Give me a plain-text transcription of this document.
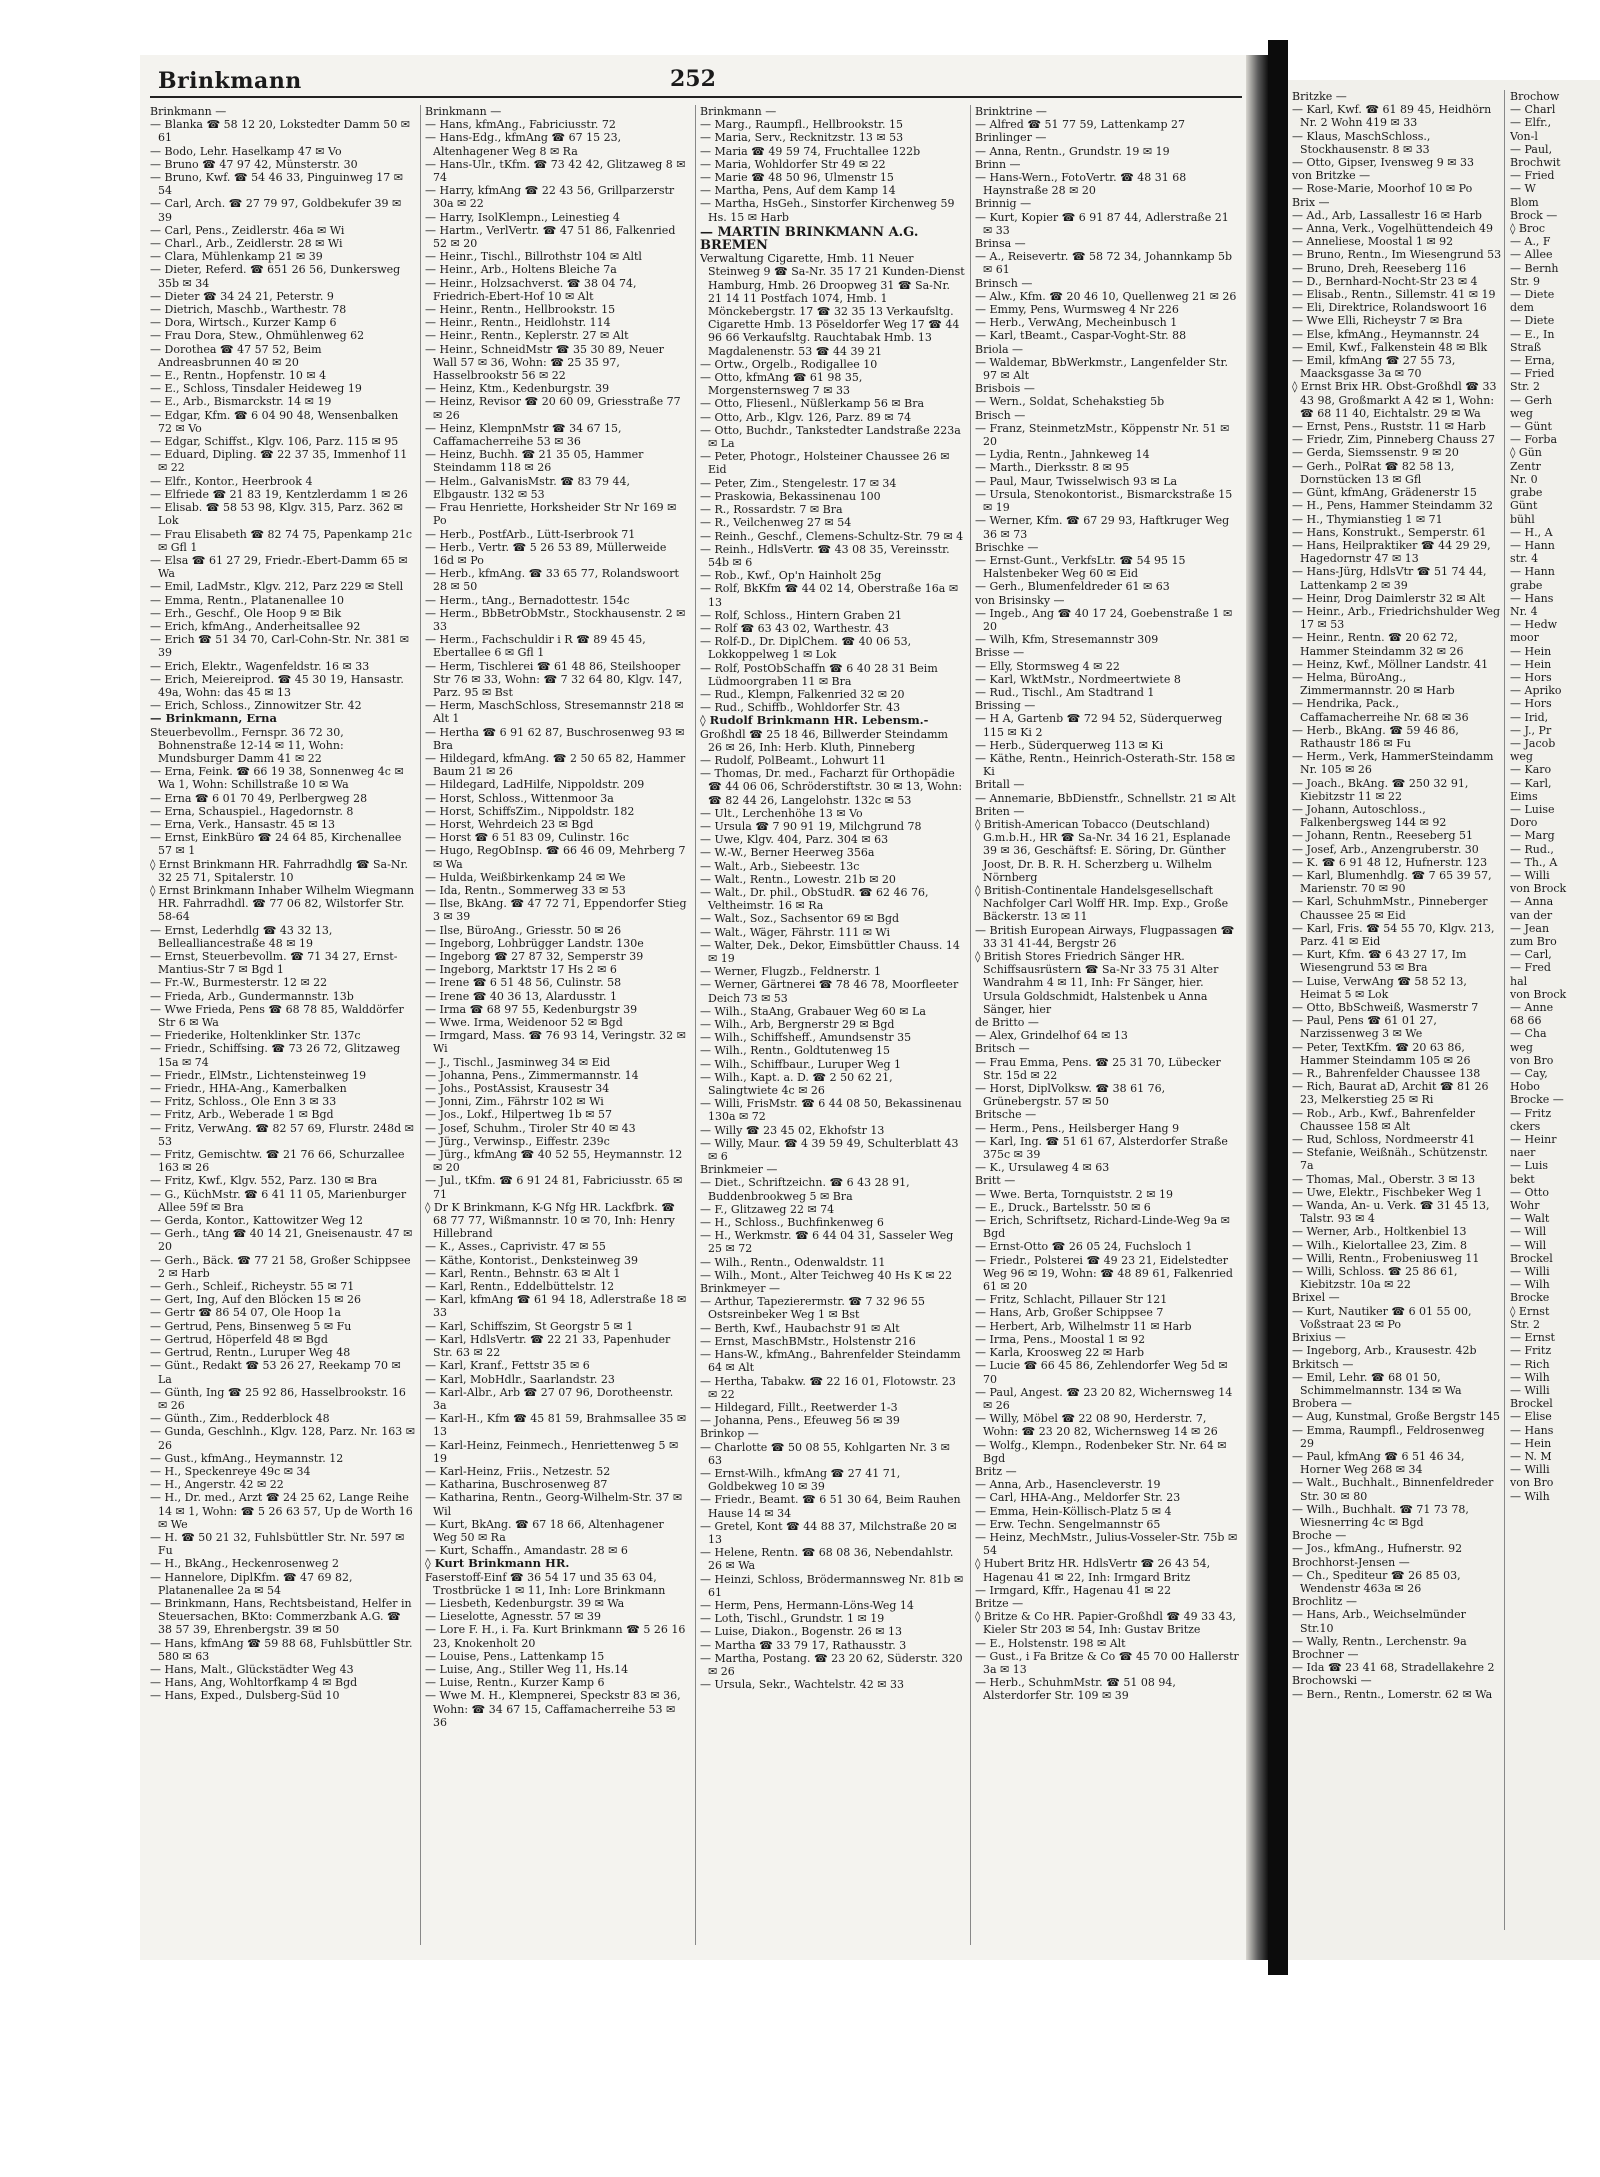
Brinkmann	252

Brinkmann —

— Blanka ☎ 58 12 20, Lokstedter Damm 50 ✉ 61

— Bodo, Lehr. Haselkamp 47 ✉ Vo

— Bruno ☎ 47 97 42, Münsterstr. 30

— Bruno, Kwf. ☎ 54 46 33, Pinguinweg 17 ✉ 54

— Carl, Arch. ☎ 27 79 97, Goldbekufer 39 ✉ 39

— Carl, Pens., Zeidlerstr. 46a ✉ Wi

— Charl., Arb., Zeidlerstr. 28 ✉ Wi

— Clara, Mühlenkamp 21 ✉ 39

— Dieter, Referd. ☎ 651 26 56, Dunkersweg 35b ✉ 34

— Dieter ☎ 34 24 21, Peterstr. 9

— Dietrich, Maschb., Warthestr. 78

— Dora, Wirtsch., Kurzer Kamp 6

— Frau Dora, Stew., Ohmühlenweg 62

— Dorothea ☎ 47 57 52, Beim Andreasbrunnen 40 ✉ 20

— E., Rentn., Hopfenstr. 10 ✉ 4

— E., Schloss, Tinsdaler Heideweg 19

— E., Arb., Bismarckstr. 14 ✉ 19

— Edgar, Kfm. ☎ 6 04 90 48, Wensenbalken 72 ✉ Vo

— Edgar, Schiffst., Klgv. 106, Parz. 115 ✉ 95

— Eduard, Dipling. ☎ 22 37 35, Immenhof 11 ✉ 22

— Elfr., Kontor., Heerbrook 4

— Elfriede ☎ 21 83 19, Kentzlerdamm 1 ✉ 26

— Elisab. ☎ 58 53 98, Klgv. 315, Parz. 362 ✉ Lok

— Frau Elisabeth ☎ 82 74 75, Papenkamp 21c ✉ Gfl 1

— Elsa ☎ 61 27 29, Friedr.-Ebert-Damm 65 ✉ Wa

— Emil, LadMstr., Klgv. 212, Parz 229 ✉ Stell

— Emma, Rentn., Platanenallee 10

— Erh., Geschf., Ole Hoop 9 ✉ Bik

— Erich, kfmAng., Anderheitsallee 92

— Erich ☎ 51 34 70, Carl-Cohn-Str. Nr. 381 ✉ 39

— Erich, Elektr., Wagenfeldstr. 16 ✉ 33

— Erich, Meiereiprod. ☎ 45 30 19, Hansastr. 49a, Wohn: das 45 ✉ 13

— Erich, Schloss., Zinnowitzer Str. 42

— Brinkmann, Erna

Steuerbevollm., Fernspr. 36 72 30, Bohnenstraße 12-14 ✉ 11, Wohn: Mundsburger Damm 41 ✉ 22

— Erna, Feink. ☎ 66 19 38, Sonnenweg 4c ✉ Wa 1, Wohn: Schillstraße 10 ✉ Wa

— Erna ☎ 6 01 70 49, Perlbergweg 28

— Erna, Schauspiel., Hagedornstr. 8

— Erna, Verk., Hansastr. 45 ✉ 13

— Ernst, EinkBüro ☎ 24 64 85, Kirchenallee 57 ✉ 1

◊ Ernst Brinkmann HR. Fahrradhdlg ☎ Sa-Nr. 32 25 71, Spitalerstr. 10

◊ Ernst Brinkmann Inhaber Wilhelm Wiegmann HR. Fahrradhdl. ☎ 77 06 82, Wilstorfer Str. 58-64

— Ernst, Lederhdlg ☎ 43 32 13, Bellealliancestraße 48 ✉ 19

— Ernst, Steuerbevollm. ☎ 71 34 27, Ernst-Mantius-Str 7 ✉ Bgd 1

— Fr.-W., Burmesterstr. 12 ✉ 22

— Frieda, Arb., Gundermannstr. 13b

— Wwe Frieda, Pens ☎ 68 78 85, Walddörfer Str 6 ✉ Wa

— Friederike, Holtenklinker Str. 137c

— Friedr., Schiffsing. ☎ 73 26 72, Glitzaweg 15a ✉ 74

— Friedr., ElMstr., Lichtensteinweg 19

— Friedr., HHA-Ang., Kamerbalken

— Fritz, Schloss., Ole Enn 3 ✉ 33

— Fritz, Arb., Weberade 1 ✉ Bgd

— Fritz, VerwAng. ☎ 82 57 69, Flurstr. 248d ✉ 53

— Fritz, Gemischtw. ☎ 21 76 66, Schurzallee 163 ✉ 26

— Fritz, Kwf., Klgv. 552, Parz. 130 ✉ Bra

— G., KüchMstr. ☎ 6 41 11 05, Marienburger Allee 59f ✉ Bra

— Gerda, Kontor., Kattowitzer Weg 12

— Gerh., tAng ☎ 40 14 21, Gneisenaustr. 47 ✉ 20

— Gerh., Bäck. ☎ 77 21 58, Großer Schippsee 2 ✉ Harb

— Gerh., Schleif., Richeystr. 55 ✉ 71

— Gert, Ing, Auf den Blöcken 15 ✉ 26

— Gertr ☎ 86 54 07, Ole Hoop 1a

— Gertrud, Pens, Binsenweg 5 ✉ Fu

— Gertrud, Höperfeld 48 ✉ Bgd

— Gertrud, Rentn., Luruper Weg 48

— Günt., Redakt ☎ 53 26 27, Reekamp 70 ✉ La

— Günth, Ing ☎ 25 92 86, Hasselbrookstr. 16 ✉ 26

— Günth., Zim., Redderblock 48

— Gunda, Geschlnh., Klgv. 128, Parz. Nr. 163 ✉ 26

— Gust., kfmAng., Heymannstr. 12

— H., Speckenreye 49c ✉ 34

— H., Angerstr. 42 ✉ 22

— H., Dr. med., Arzt ☎ 24 25 62, Lange Reihe 14 ✉ 1, Wohn: ☎ 5 26 63 57, Up de Worth 16 ✉ We

— H. ☎ 50 21 32, Fuhlsbüttler Str. Nr. 597 ✉ Fu

— H., BkAng., Heckenrosenweg 2

— Hannelore, DiplKfm. ☎ 47 69 82, Platanenallee 2a ✉ 54

— Brinkmann, Hans, Rechtsbeistand, Helfer in Steuersachen, BKto: Commerzbank A.G. ☎ 38 57 39, Ehrenbergstr. 39 ✉ 50

— Hans, kfmAng ☎ 59 88 68, Fuhlsbüttler Str. 580 ✉ 63

— Hans, Malt., Glückstädter Weg 43

— Hans, Ang, Wohltorfkamp 4 ✉ Bgd

— Hans, Exped., Dulsberg-Süd 10

Brinkmann —

— Hans, kfmAng., Fabriciusstr. 72

— Hans-Edg., kfmAng ☎ 67 15 23, Altenhagener Weg 8 ✉ Ra

— Hans-Ulr., tKfm. ☎ 73 42 42, Glitzaweg 8 ✉ 74

— Harry, kfmAng ☎ 22 43 56, Grillparzerstr 30a ✉ 22

— Harry, IsolKlempn., Leinestieg 4

— Hartm., VerlVertr. ☎ 47 51 86, Falkenried 52 ✉ 20

— Heinr., Tischl., Billrothstr 104 ✉ Altl

— Heinr., Arb., Holtens Bleiche 7a

— Heinr., Holzsachverst. ☎ 38 04 74, Friedrich-Ebert-Hof 10 ✉ Alt

— Heinr., Rentn., Hellbrookstr. 15

— Heinr., Rentn., Heidlohstr. 114

— Heinr., Rentn., Keplerstr. 27 ✉ Alt

— Heinr., SchneidMstr ☎ 35 30 89, Neuer Wall 57 ✉ 36, Wohn: ☎ 25 35 97, Hasselbrookstr 56 ✉ 22

— Heinz, Ktm., Kedenburgstr. 39

— Heinz, Revisor ☎ 20 60 09, Griesstraße 77 ✉ 26

— Heinz, KlempnMstr ☎ 34 67 15, Caffamacherreihe 53 ✉ 36

— Heinz, Buchh. ☎ 21 35 05, Hammer Steindamm 118 ✉ 26

— Helm., GalvanisMstr. ☎ 83 79 44, Elbgaustr. 132 ✉ 53

— Frau Henriette, Horksheider Str Nr 169 ✉ Po

— Herb., PostfArb., Lütt-Iserbrook 71

— Herb., Vertr. ☎ 5 26 53 89, Müllerweide 16d ✉ Po

— Herb., kfmAng. ☎ 33 65 77, Rolandswoort 28 ✉ 50

— Herm., tAng., Bernadottestr. 154c

— Herm., BbBetrObMstr., Stockhausenstr. 2 ✉ 33

— Herm., Fachschuldir i R ☎ 89 45 45, Ebertallee 6 ✉ Gfl 1

— Herm, Tischlerei ☎ 61 48 86, Steilshooper Str 76 ✉ 33, Wohn: ☎ 7 32 64 80, Klgv. 147, Parz. 95 ✉ Bst

— Herm, MaschSchloss, Stresemannstr 218 ✉ Alt 1

— Hertha ☎ 6 91 62 87, Buschrosenweg 93 ✉ Bra

— Hildegard, kfmAng. ☎ 2 50 65 82, Hammer Baum 21 ✉ 26

— Hildegard, LadHilfe, Nippoldstr. 209

— Horst, Schloss., Wittenmoor 3a

— Horst, SchiffsZim., Nippoldstr. 182

— Horst, Wehrdeich 23 ✉ Bgd

— Horst ☎ 6 51 83 09, Culinstr. 16c

— Hugo, RegObInsp. ☎ 66 46 09, Mehrberg 7 ✉ Wa

— Hulda, Weißbirkenkamp 24 ✉ We

— Ida, Rentn., Sommerweg 33 ✉ 53

— Ilse, BkAng. ☎ 47 72 71, Eppendorfer Stieg 3 ✉ 39

— Ilse, BüroAng., Griesstr. 50 ✉ 26

— Ingeborg, Lohbrügger Landstr. 130e

— Ingeborg ☎ 27 87 32, Semperstr 39

— Ingeborg, Marktstr 17 Hs 2 ✉ 6

— Irene ☎ 6 51 48 56, Culinstr. 58

— Irene ☎ 40 36 13, Alardusstr. 1

— Irma ☎ 68 97 55, Kedenburgstr 39

— Wwe. Irma, Weidenoor 52 ✉ Bgd

— Irmgard, Mass. ☎ 76 93 14, Veringstr. 32 ✉ Wi

— J., Tischl., Jasminweg 34 ✉ Eid

— Johanna, Pens., Zimmermannstr. 14

— Johs., PostAssist, Krausestr 34

— Jonni, Zim., Fährstr 102 ✉ Wi

— Jos., Lokf., Hilpertweg 1b ✉ 57

— Josef, Schuhm., Tiroler Str 40 ✉ 43

— Jürg., Verwinsp., Eiffestr. 239c

— Jürg., kfmAng ☎ 40 52 55, Heymannstr. 12 ✉ 20

— Jul., tKfm. ☎ 6 91 24 81, Fabriciusstr. 65 ✉ 71

◊ Dr K Brinkmann, K-G Nfg HR. Lackfbrk. ☎ 68 77 77, Wißmannstr. 10 ✉ 70, Inh: Henry Hillebrand

— K., Asses., Caprivistr. 47 ✉ 55

— Käthe, Kontorist., Denksteinweg 39

— Karl, Rentn., Behnstr. 63 ✉ Alt 1

— Karl, Rentn., Eddelbüttelstr. 12

— Karl, kfmAng ☎ 61 94 18, Adlerstraße 18 ✉ 33

— Karl, Schiffszim, St Georgstr 5 ✉ 1

— Karl, HdlsVertr. ☎ 22 21 33, Papenhuder Str. 63 ✉ 22

— Karl, Kranf., Fettstr 35 ✉ 6

— Karl, MobHdlr., Saarlandstr. 23

— Karl-Albr., Arb ☎ 27 07 96, Dorotheenstr. 3a

— Karl-H., Kfm ☎ 45 81 59, Brahmsallee 35 ✉ 13

— Karl-Heinz, Feinmech., Henriettenweg 5 ✉ 19

— Karl-Heinz, Friis., Netzestr. 52

— Katharina, Buschrosenweg 87

— Katharina, Rentn., Georg-Wilhelm-Str. 37 ✉ Wil

— Kurt, BkAng. ☎ 67 18 66, Altenhagener Weg 50 ✉ Ra

— Kurt, Schaffn., Amandastr. 28 ✉ 6

◊ Kurt Brinkmann HR.

Faserstoff-Einf ☎ 36 54 17 und 35 63 04, Trostbrücke 1 ✉ 11, Inh: Lore Brinkmann

— Liesbeth, Kedenburgstr. 39 ✉ Wa

— Lieselotte, Agnesstr. 57 ✉ 39

— Lore F. H., i. Fa. Kurt Brinkmann ☎ 5 26 16 23, Knokenholt 20

— Louise, Pens., Lattenkamp 15

— Luise, Ang., Stiller Weg 11, Hs.14

— Luise, Rentn., Kurzer Kamp 6

— Wwe M. H., Klempnerei, Speckstr 83 ✉ 36, Wohn: ☎ 34 67 15, Caffamacherreihe 53 ✉ 36

Brinkmann —

— Marg., Raumpfl., Hellbrookstr. 15

— Maria, Serv., Recknitzstr. 13 ✉ 53

— Maria ☎ 49 59 74, Fruchtallee 122b

— Maria, Wohldorfer Str 49 ✉ 22

— Marie ☎ 48 50 96, Ulmenstr 15

— Martha, Pens, Auf dem Kamp 14

— Martha, HsGeh., Sinstorfer Kirchenweg 59 Hs. 15 ✉ Harb

— MARTIN BRINKMANN A.G. BREMEN

Verwaltung Cigarette, Hmb. 11 Neuer Steinweg 9 ☎ Sa-Nr. 35 17 21 Kunden-Dienst Hamburg, Hmb. 26 Droopweg 31 ☎ Sa-Nr. 21 14 11 Postfach 1074, Hmb. 1 Mönckebergstr. 17 ☎ 32 35 13 Verkaufsltg. Cigarette Hmb. 13 Pöseldorfer Weg 17 ☎ 44 96 66 Verkaufsltg. Rauchtabak Hmb. 13 Magdalenenstr. 53 ☎ 44 39 21

— Ortw., Orgelb., Rodigallee 10

— Otto, kfmAng ☎ 61 98 35, Morgensternsweg 7 ✉ 33

— Otto, Fliesenl., Nüßlerkamp 56 ✉ Bra

— Otto, Arb., Klgv. 126, Parz. 89 ✉ 74

— Otto, Buchdr., Tankstedter Landstraße 223a ✉ La

— Peter, Photogr., Holsteiner Chaussee 26 ✉ Eid

— Peter, Zim., Stengelestr. 17 ✉ 34

— Praskowia, Bekassinenau 100

— R., Rossardstr. 7 ✉ Bra

— R., Veilchenweg 27 ✉ 54

— Reinh., Geschf., Clemens-Schultz-Str. 79 ✉ 4

— Reinh., HdlsVertr. ☎ 43 08 35, Vereinsstr. 54b ✉ 6

— Rob., Kwf., Op'n Hainholt 25g

— Rolf, BkKfm ☎ 44 02 14, Oberstraße 16a ✉ 13

— Rolf, Schloss., Hintern Graben 21

— Rolf ☎ 63 43 02, Warthestr. 43

— Rolf-D., Dr. DiplChem. ☎ 40 06 53, Lokkoppelweg 1 ✉ Lok

— Rolf, PostObSchaffn ☎ 6 40 28 31 Beim Lüdmoorgraben 11 ✉ Bra

— Rud., Klempn, Falkenried 32 ✉ 20

— Rud., Schiffb., Wohldorfer Str. 43

◊ Rudolf Brinkmann HR. Lebensm.-

Großhdl ☎ 25 18 46, Billwerder Steindamm 26 ✉ 26, Inh: Herb. Kluth, Pinneberg

— Rudolf, PolBeamt., Lohwurt 11

— Thomas, Dr. med., Facharzt für Orthopädie ☎ 44 06 06, Schröderstiftstr. 30 ✉ 13, Wohn: ☎ 82 44 26, Langelohstr. 132c ✉ 53

— Ult., Lerchenhöhe 13 ✉ Vo

— Ursula ☎ 7 90 91 19, Milchgrund 78

— Uwe, Klgv. 404, Parz. 304 ✉ 63

— W.-W., Berner Heerweg 356a

— Walt., Arb., Siebeestr. 13c

— Walt., Rentn., Lowestr. 21b ✉ 20

— Walt., Dr. phil., ObStudR. ☎ 62 46 76, Veltheimstr. 16 ✉ Ra

— Walt., Soz., Sachsentor 69 ✉ Bgd

— Walt., Wäger, Fährstr. 111 ✉ Wi

— Walter, Dek., Dekor, Eimsbüttler Chauss. 14 ✉ 19

— Werner, Flugzb., Feldnerstr. 1

— Werner, Gärtnerei ☎ 78 46 78, Moorfleeter Deich 73 ✉ 53

— Wilh., StaAng, Grabauer Weg 60 ✉ La

— Wilh., Arb, Bergnerstr 29 ✉ Bgd

— Wilh., Schiffsheff., Amundsenstr 35

— Wilh., Rentn., Goldtutenweg 15

— Wilh., Schiffbaur., Luruper Weg 1

— Wilh., Kapt. a. D. ☎ 2 50 62 21, Salingtwiete 4c ✉ 26

— Willi, FrisMstr. ☎ 6 44 08 50, Bekassinenau 130a ✉ 72

— Willy ☎ 23 45 02, Ekhofstr 13

— Willy, Maur. ☎ 4 39 59 49, Schulterblatt 43 ✉ 6

Brinkmeier —

— Diet., Schriftzeichn. ☎ 6 43 28 91, Buddenbrookweg 5 ✉ Bra

— F., Glitzaweg 22 ✉ 74

— H., Schloss., Buchfinkenweg 6

— H., Werkmstr. ☎ 6 44 04 31, Sasseler Weg 25 ✉ 72

— Wilh., Rentn., Odenwaldstr. 11

— Wilh., Mont., Alter Teichweg 40 Hs K ✉ 22

Brinkmeyer —

— Arthur, Tapezierermstr. ☎ 7 32 96 55 Ostsreinbeker Weg 1 ✉ Bst

— Berth, Kwf., Haubachstr 91 ✉ Alt

— Ernst, MaschBMstr., Holstenstr 216

— Hans-W., kfmAng., Bahrenfelder Steindamm 64 ✉ Alt

— Hertha, Tabakw. ☎ 22 16 01, Flotowstr. 23 ✉ 22

— Hildegard, Fillt., Reetwerder 1-3

— Johanna, Pens., Efeuweg 56 ✉ 39

Brinkop —

— Charlotte ☎ 50 08 55, Kohlgarten Nr. 3 ✉ 63

— Ernst-Wilh., kfmAng ☎ 27 41 71, Goldbekweg 10 ✉ 39

— Friedr., Beamt. ☎ 6 51 30 64, Beim Rauhen Hause 14 ✉ 34

— Gretel, Kont ☎ 44 88 37, Milchstraße 20 ✉ 13

— Helene, Rentn. ☎ 68 08 36, Nebendahlstr. 26 ✉ Wa

— Heinzi, Schloss, Brödermannsweg Nr. 81b ✉ 61

— Herm, Pens, Hermann-Löns-Weg 14

— Loth, Tischl., Grundstr. 1 ✉ 19

— Luise, Diakon., Bogenstr. 26 ✉ 13

— Martha ☎ 33 79 17, Rathausstr. 3

— Martha, Postang. ☎ 23 20 62, Süderstr. 320 ✉ 26

— Ursula, Sekr., Wachtelstr. 42 ✉ 33

Brinktrine —

— Alfred ☎ 51 77 59, Lattenkamp 27

Brinlinger —

— Anna, Rentn., Grundstr. 19 ✉ 19

Brinn —

— Hans-Wern., FotoVertr. ☎ 48 31 68 Haynstraße 28 ✉ 20

Brinnig —

— Kurt, Kopier ☎ 6 91 87 44, Adlerstraße 21 ✉ 33

Brinsa —

— A., Reisevertr. ☎ 58 72 34, Johannkamp 5b ✉ 61

Brinsch —

— Alw., Kfm. ☎ 20 46 10, Quellenweg 21 ✉ 26

— Emmy, Pens, Wurmsweg 4 Nr 226

— Herb., VerwAng, Mecheinbusch 1

— Karl, tBeamt., Caspar-Voght-Str. 88

Briola —

— Waldemar, BbWerkmstr., Langenfelder Str. 97 ✉ Alt

Brisbois —

— Wern., Soldat, Schehakstieg 5b

Brisch —

— Franz, SteinmetzMstr., Köppenstr Nr. 51 ✉ 20

— Lydia, Rentn., Jahnkeweg 14

— Marth., Dierksstr. 8 ✉ 95

— Paul, Maur, Twisselwisch 93 ✉ La

— Ursula, Stenokontorist., Bismarckstraße 15 ✉ 19

— Werner, Kfm. ☎ 67 29 93, Haftkruger Weg 36 ✉ 73

Brischke —

— Ernst-Gunt., VerkfsLtr. ☎ 54 95 15 Halstenbeker Weg 60 ✉ Eid

— Gerh., Blumenfeldreder 61 ✉ 63

von Brisinsky —

— Ingeb., Ang ☎ 40 17 24, Goebenstraße 1 ✉ 20

— Wilh, Kfm, Stresemannstr 309

Brisse —

— Elly, Stormsweg 4 ✉ 22

— Karl, WktMstr., Nordmeertwiete 8

— Rud., Tischl., Am Stadtrand 1

Brissing —

— H A, Gartenb ☎ 72 94 52, Süderquerweg 115 ✉ Ki 2

— Herb., Süderquerweg 113 ✉ Ki

— Käthe, Rentn., Heinrich-Osterath-Str. 158 ✉ Ki

Britall —

— Annemarie, BbDienstfr., Schnellstr. 21 ✉ Alt

Briten —

◊ British-American Tobacco (Deutschland) G.m.b.H., HR ☎ Sa-Nr. 34 16 21, Esplanade 39 ✉ 36, Geschäftsf: E. Söring, Dr. Günther Joost, Dr. B. R. H. Scherzberg u. Wilhelm Nörnberg

◊ British-Continentale Handelsgesellschaft Nachfolger Carl Wolff HR. Imp. Exp., Große Bäckerstr. 13 ✉ 11

— British European Airways, Flugpassagen ☎ 33 31 41-44, Bergstr 26

◊ British Stores Friedrich Sänger HR. Schiffsausrüstern ☎ Sa-Nr 33 75 31 Alter Wandrahm 4 ✉ 11, Inh: Fr Sänger, hier. Ursula Goldschmidt, Halstenbek u Anna Sänger, hier

de Britto —

— Alex, Grindelhof 64 ✉ 13

Britsch —

— Frau Emma, Pens. ☎ 25 31 70, Lübecker Str. 15d ✉ 22

— Horst, DiplVolksw. ☎ 38 61 76, Grünebergstr. 57 ✉ 50

Britsche —

— Herm., Pens., Heilsberger Hang 9

— Karl, Ing. ☎ 51 61 67, Alsterdorfer Straße 375c ✉ 39

— K., Ursulaweg 4 ✉ 63

Britt —

— Wwe. Berta, Tornquiststr. 2 ✉ 19

— E., Druck., Bartelsstr. 50 ✉ 6

— Erich, Schriftsetz, Richard-Linde-Weg 9a ✉ Bgd

— Ernst-Otto ☎ 26 05 24, Fuchsloch 1

— Friedr., Polsterei ☎ 49 23 21, Eidelstedter Weg 96 ✉ 19, Wohn: ☎ 48 89 61, Falkenried 61 ✉ 20

— Fritz, Schlacht, Pillauer Str 121

— Hans, Arb, Großer Schippsee 7

— Herbert, Arb, Wilhelmstr 11 ✉ Harb

— Irma, Pens., Moostal 1 ✉ 92

— Karla, Kroosweg 22 ✉ Harb

— Lucie ☎ 66 45 86, Zehlendorfer Weg 5d ✉ 70

— Paul, Angest. ☎ 23 20 82, Wichernsweg 14 ✉ 26

— Willy, Möbel ☎ 22 08 90, Herderstr. 7, Wohn: ☎ 23 20 82, Wichernsweg 14 ✉ 26

— Wolfg., Klempn., Rodenbeker Str. Nr. 64 ✉ Bgd

Britz —

— Anna, Arb., Hasencleverstr. 19

— Carl, HHA-Ang., Meldorfer Str. 23

— Emma, Hein-Köllisch-Platz 5 ✉ 4

— Erw. Techn. Sengelmannstr 65

— Heinz, MechMstr., Julius-Vosseler-Str. 75b ✉ 54

◊ Hubert Britz HR. HdlsVertr ☎ 26 43 54, Hagenau 41 ✉ 22, Inh: Irmgard Britz

— Irmgard, Kffr., Hagenau 41 ✉ 22

Britze —

◊ Britze & Co HR. Papier-Großhdl ☎ 49 33 43, Kieler Str 203 ✉ 54, Inh: Gustav Britze

— E., Holstenstr. 198 ✉ Alt

— Gust., i Fa Britze & Co ☎ 45 70 00 Hallerstr 3a ✉ 13

— Herb., SchuhmMstr. ☎ 51 08 94, Alsterdorfer Str. 109 ✉ 39

Britzke —

— Karl, Kwf. ☎ 61 89 45, Heidhörn Nr. 2 Wohn 419 ✉ 33

— Klaus, MaschSchloss., Stockhausenstr. 8 ✉ 33

— Otto, Gipser, Ivensweg 9 ✉ 33

von Britzke —

— Rose-Marie, Moorhof 10 ✉ Po

Brix —

— Ad., Arb, Lassallestr 16 ✉ Harb

— Anna, Verk., Vogelhüttendeich 49

— Anneliese, Moostal 1 ✉ 92

— Bruno, Rentn., Im Wiesengrund 53

— Bruno, Dreh, Reeseberg 116

— D., Bernhard-Nocht-Str 23 ✉ 4

— Elisab., Rentn., Sillemstr. 41 ✉ 19

— Eli, Direktrice, Rolandswoort 16

— Wwe Elli, Richeystr 7 ✉ Bra

— Else, kfmAng., Heymannstr. 24

— Emil, Kwf., Falkenstein 48 ✉ Blk

— Emil, kfmAng ☎ 27 55 73, Maacksgasse 3a ✉ 70

◊ Ernst Brix HR. Obst-Großhdl ☎ 33 43 98, Großmarkt A 42 ✉ 1, Wohn: ☎ 68 11 40, Eichtalstr. 29 ✉ Wa

— Ernst, Pens., Ruststr. 11 ✉ Harb

— Friedr, Zim, Pinneberg Chauss 27

— Gerda, Siemssenstr. 9 ✉ 20

— Gerh., PolRat ☎ 82 58 13, Dornstücken 13 ✉ Gfl

— Günt, kfmAng, Grädenerstr 15

— H., Pens, Hammer Steindamm 32

— H., Thymianstieg 1 ✉ 71

— Hans, Konstrukt., Semperstr. 61

— Hans, Heilpraktiker ☎ 44 29 29, Hagedornstr 47 ✉ 13

— Hans-Jürg, HdlsVtr ☎ 51 74 44, Lattenkamp 2 ✉ 39

— Heinr, Drog Daimlerstr 32 ✉ Alt

— Heinr., Arb., Friedrichshulder Weg 17 ✉ 53

— Heinr., Rentn. ☎ 20 62 72, Hammer Steindamm 32 ✉ 26

— Heinz, Kwf., Möllner Landstr. 41

— Helma, BüroAng., Zimmermannstr. 20 ✉ Harb

— Hendrika, Pack., Caffamacherreihe Nr. 68 ✉ 36

— Herb., BkAng. ☎ 59 46 86, Rathaustr 186 ✉ Fu

— Herm., Verk, HammerSteindamm Nr. 105 ✉ 26

— Joach., BkAng. ☎ 250 32 91, Kiebitzstr 11 ✉ 22

— Johann, Autoschloss., Falkenbergsweg 144 ✉ 92

— Johann, Rentn., Reeseberg 51

— Josef, Arb., Anzengruberstr. 30

— K. ☎ 6 91 48 12, Hufnerstr. 123

— Karl, Blumenhdlg. ☎ 7 65 39 57, Marienstr. 70 ✉ 90

— Karl, SchuhmMstr., Pinneberger Chaussee 25 ✉ Eid

— Karl, Fris. ☎ 54 55 70, Klgv. 213, Parz. 41 ✉ Eid

— Kurt, Kfm. ☎ 6 43 27 17, Im Wiesengrund 53 ✉ Bra

— Luise, VerwAng ☎ 58 52 13, Heimat 5 ✉ Lok

— Otto, BbSchweiß, Wasmerstr 7

— Paul, Pens ☎ 61 01 27, Narzissenweg 3 ✉ We

— Peter, TextKfm. ☎ 20 63 86, Hammer Steindamm 105 ✉ 26

— R., Bahrenfelder Chaussee 138

— Rich, Baurat aD, Archit ☎ 81 26 23, Melkerstieg 25 ✉ Ri

— Rob., Arb., Kwf., Bahrenfelder Chaussee 158 ✉ Alt

— Rud, Schloss, Nordmeerstr 41

— Stefanie, Weißnäh., Schützenstr. 7a

— Thomas, Mal., Oberstr. 3 ✉ 13

— Uwe, Elektr., Fischbeker Weg 1

— Wanda, An- u. Verk. ☎ 31 45 13, Talstr. 93 ✉ 4

— Werner, Arb., Holtkenbiel 13

— Wilh., Kielortallee 23, Zim. 8

— Willi, Rentn., Frobeniusweg 11

— Willi, Schloss. ☎ 25 86 61, Kiebitzstr. 10a ✉ 22

Brixel —

— Kurt, Nautiker ☎ 6 01 55 00, Voßstraat 23 ✉ Po

Brixius —

— Ingeborg, Arb., Krausestr. 42b

Brkitsch —

— Emil, Lehr. ☎ 68 01 50, Schimmelmannstr. 134 ✉ Wa

Brobera —

— Aug, Kunstmal, Große Bergstr 145

— Emma, Raumpfl., Feldrosenweg 29

— Paul, kfmAng ☎ 6 51 46 34, Horner Weg 268 ✉ 34

— Walt., Buchhalt., Binnenfeldreder Str. 30 ✉ 80

— Wilh., Buchhalt. ☎ 71 73 78, Wiesnerring 4c ✉ Bgd

Broche —

— Jos., kfmAng., Hufnerstr. 92

Brochhorst-Jensen —

— Ch., Spediteur ☎ 26 85 03, Wendenstr 463a ✉ 26

Brochlitz —

— Hans, Arb., Weichselmünder Str.10

— Wally, Rentn., Lerchenstr. 9a

Brochner —

— Ida ☎ 23 41 68, Stradellakehre 2

Brochowski —

— Bern., Rentn., Lomerstr. 62 ✉ Wa

Brochow

— Charl

— Elfr.,

Von-l

— Paul,

Brochwit

— Fried

— W

Blom

Brock —

◊ Broc

— A., F

— Allee

— Bernh

Str. 9

— Diete

dem

— Diete

— E., In

Straß

— Erna,

— Fried

Str. 2

— Gerh

weg

— Günt

— Forba

◊ Gün

Zentr

Nr. 0

grabe

Günt

bühl

— H., A

— Hann

str. 4

— Hann

grabe

— Hans

Nr. 4

— Hedw

moor

— Hein

— Hein

— Hors

— Apriko

— Hors

— Irid,

— J., Pr

— Jacob

weg

— Karo

— Karl,

Eims

— Luise

Doro

— Marg

— Rud.,

— Th., A

— Willi

von Brock

— Anna

van der

— Jean

zum Bro

— Carl,

— Fred

hal

von Brock

— Anne

68 66

— Cha

weg

von Bro

— Cay,

Hobo

Brocke —

— Fritz

ckers

— Heinr

naer

— Luis

bekt

— Otto

Wohr

— Walt

— Will

— Will

Brockel

— Willi

— Wilh

Brocke

◊ Ernst

Str. 2

— Ernst

— Fritz

— Rich

— Wilh

— Willi

Brockel

— Elise

— Hans

— Hein

— N. M

— Willi

von Bro

— Wilh
